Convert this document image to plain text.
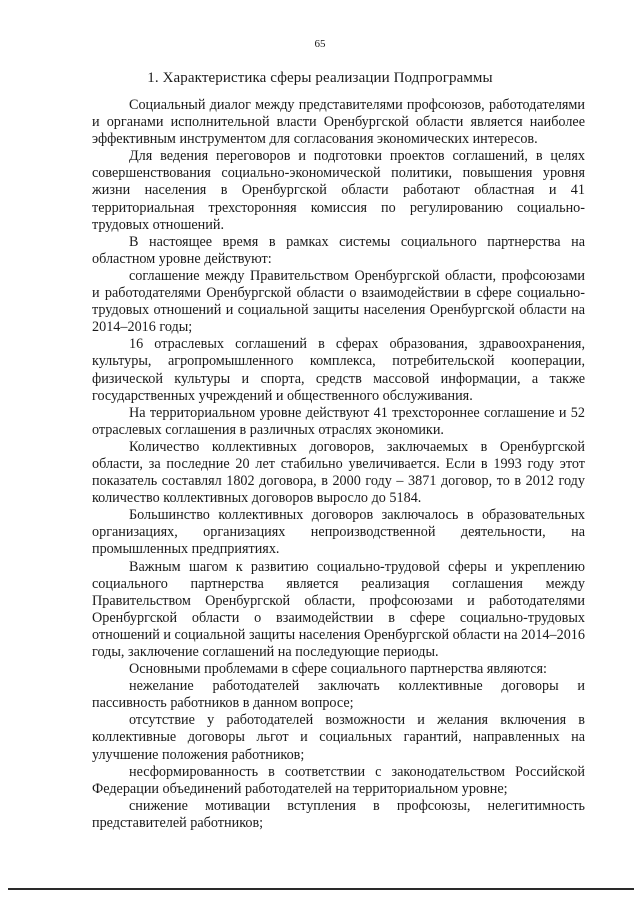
65
1. Характеристика сферы реализации Подпрограммы

Социальный диалог между представителями профсоюзов, работодателями и органами исполнительной власти Оренбургской области является наиболее эффективным инструментом для согласования экономических интересов.

Для ведения переговоров и подготовки проектов соглашений, в целях совершенствования социально-экономической политики, повышения уровня жизни населения в Оренбургской области работают областная и 41 территориальная трехсторонняя комиссия по регулированию социально-трудовых отношений.

В настоящее время в рамках системы социального партнерства на областном уровне действуют:

соглашение между Правительством Оренбургской области, профсоюзами и работодателями Оренбургской области о взаимодействии в сфере социально-трудовых отношений и социальной защиты населения Оренбургской области на 2014–2016 годы;

16 отраслевых соглашений в сферах образования, здравоохранения, культуры, агропромышленного комплекса, потребительской кооперации, физической культуры и спорта, средств массовой информации, а также государственных учреждений и общественного обслуживания.

На территориальном уровне действуют 41 трехстороннее соглашение и 52 отраслевых соглашения в различных отраслях экономики.

Количество коллективных договоров, заключаемых в Оренбургской области, за последние 20 лет стабильно увеличивается. Если в 1993 году этот показатель составлял 1802 договора, в 2000 году – 3871 договор, то в 2012 году количество коллективных договоров выросло до 5184.

Большинство коллективных договоров заключалось в образовательных организациях, организациях непроизводственной деятельности, на промышленных предприятиях.

Важным шагом к развитию социально-трудовой сферы и укреплению социального партнерства является реализация соглашения между Правительством Оренбургской области, профсоюзами и работодателями Оренбургской области о взаимодействии в сфере социально-трудовых отношений и социальной защиты населения Оренбургской области на 2014–2016 годы, заключение соглашений на последующие периоды.

Основными проблемами в сфере социального партнерства являются:

нежелание работодателей заключать коллективные договоры и пассивность работников в данном вопросе;

отсутствие у работодателей возможности и желания включения в коллективные договоры льгот и социальных гарантий, направленных на улучшение положения работников;

несформированность в соответствии с законодательством Российской Федерации объединений работодателей на территориальном уровне;

снижение мотивации вступления в профсоюзы, нелегитимность представителей работников;
